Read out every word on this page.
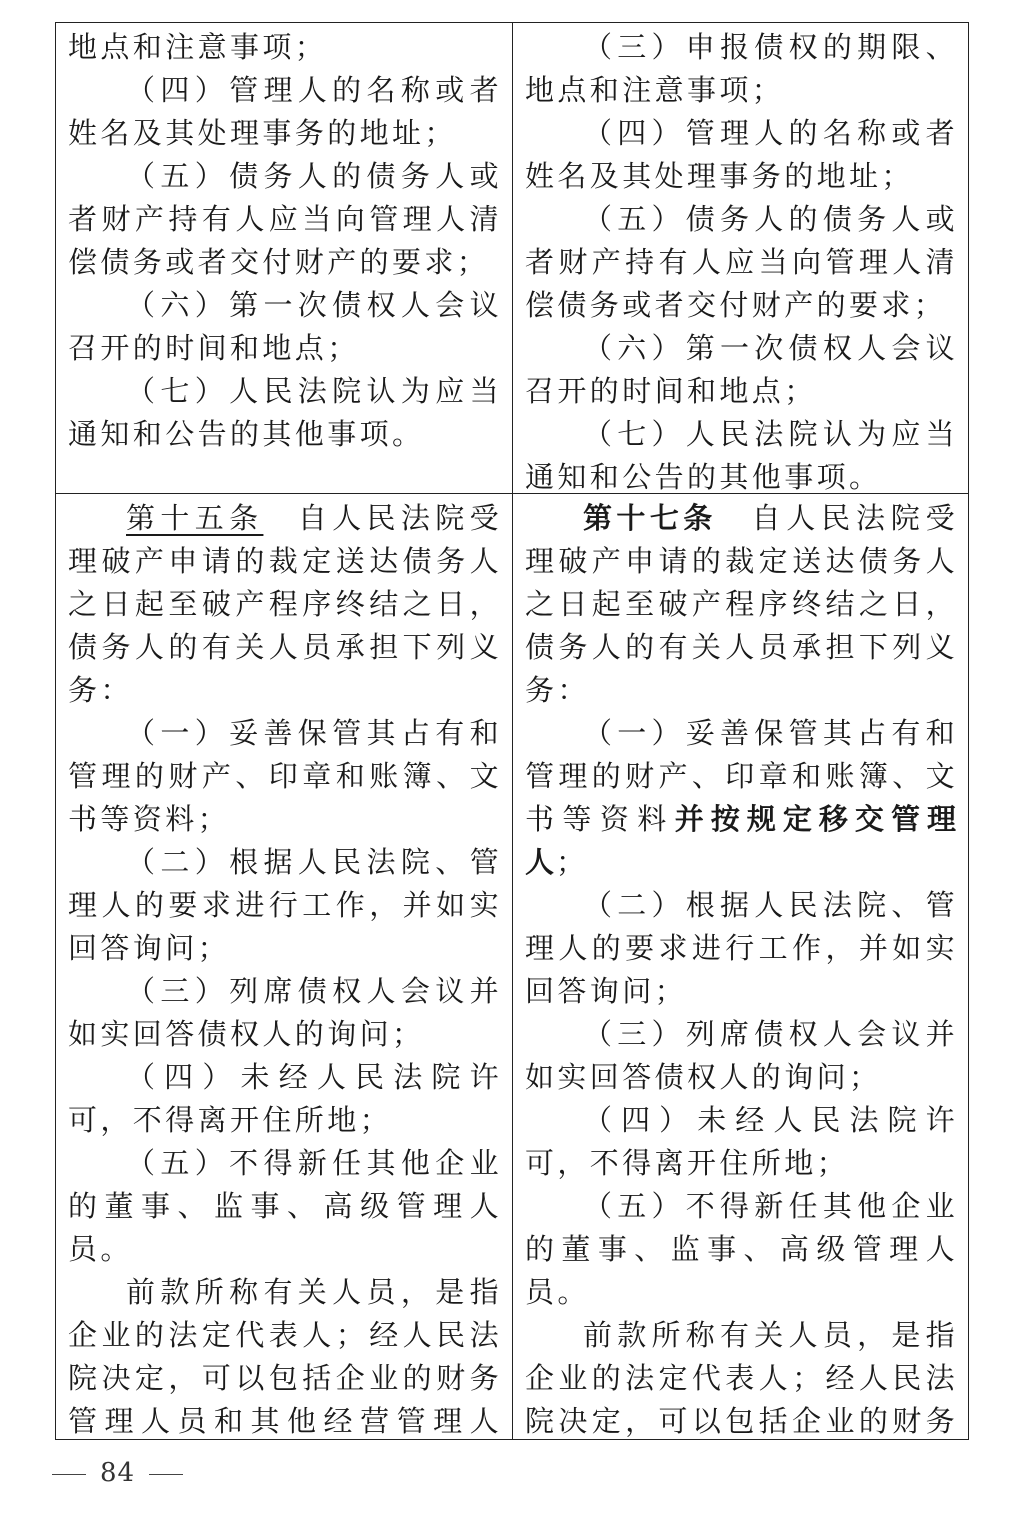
地点和注意事项；

（四）管理人的名称或者姓名及其处理事务的地址；

（五）债务人的债务人或者财产持有人应当向管理人清偿债务或者交付财产的要求；

（六）第一次债权人会议召开的时间和地点；

（七）人民法院认为应当通知和公告的其他事项。

（三）申报债权的期限、地点和注意事项；

（四）管理人的名称或者姓名及其处理事务的地址；

（五）债务人的债务人或者财产持有人应当向管理人清偿债务或者交付财产的要求；

（六）第一次债权人会议召开的时间和地点；

（七）人民法院认为应当通知和公告的其他事项。

第十五条　自人民法院受理破产申请的裁定送达债务人之日起至破产程序终结之日，债务人的有关人员承担下列义务：

（一）妥善保管其占有和管理的财产、印章和账簿、文书等资料；

（二）根据人民法院、管理人的要求进行工作，并如实回答询问；

（三）列席债权人会议并如实回答债权人的询问；

（四）未经人民法院许可，不得离开住所地；

（五）不得新任其他企业的董事、监事、高级管理人员。

前款所称有关人员，是指企业的法定代表人；经人民法院决定，可以包括企业的财务管理人员和其他经营管理人

第十七条　自人民法院受理破产申请的裁定送达债务人之日起至破产程序终结之日，债务人的有关人员承担下列义务：

（一）妥善保管其占有和管理的财产、印章和账簿、文书等资料并按规定移交管理人；

（二）根据人民法院、管理人的要求进行工作，并如实回答询问；

（三）列席债权人会议并如实回答债权人的询问；

（四）未经人民法院许可，不得离开住所地；

（五）不得新任其他企业的董事、监事、高级管理人员。

前款所称有关人员，是指企业的法定代表人；经人民法院决定，可以包括企业的财务

84
